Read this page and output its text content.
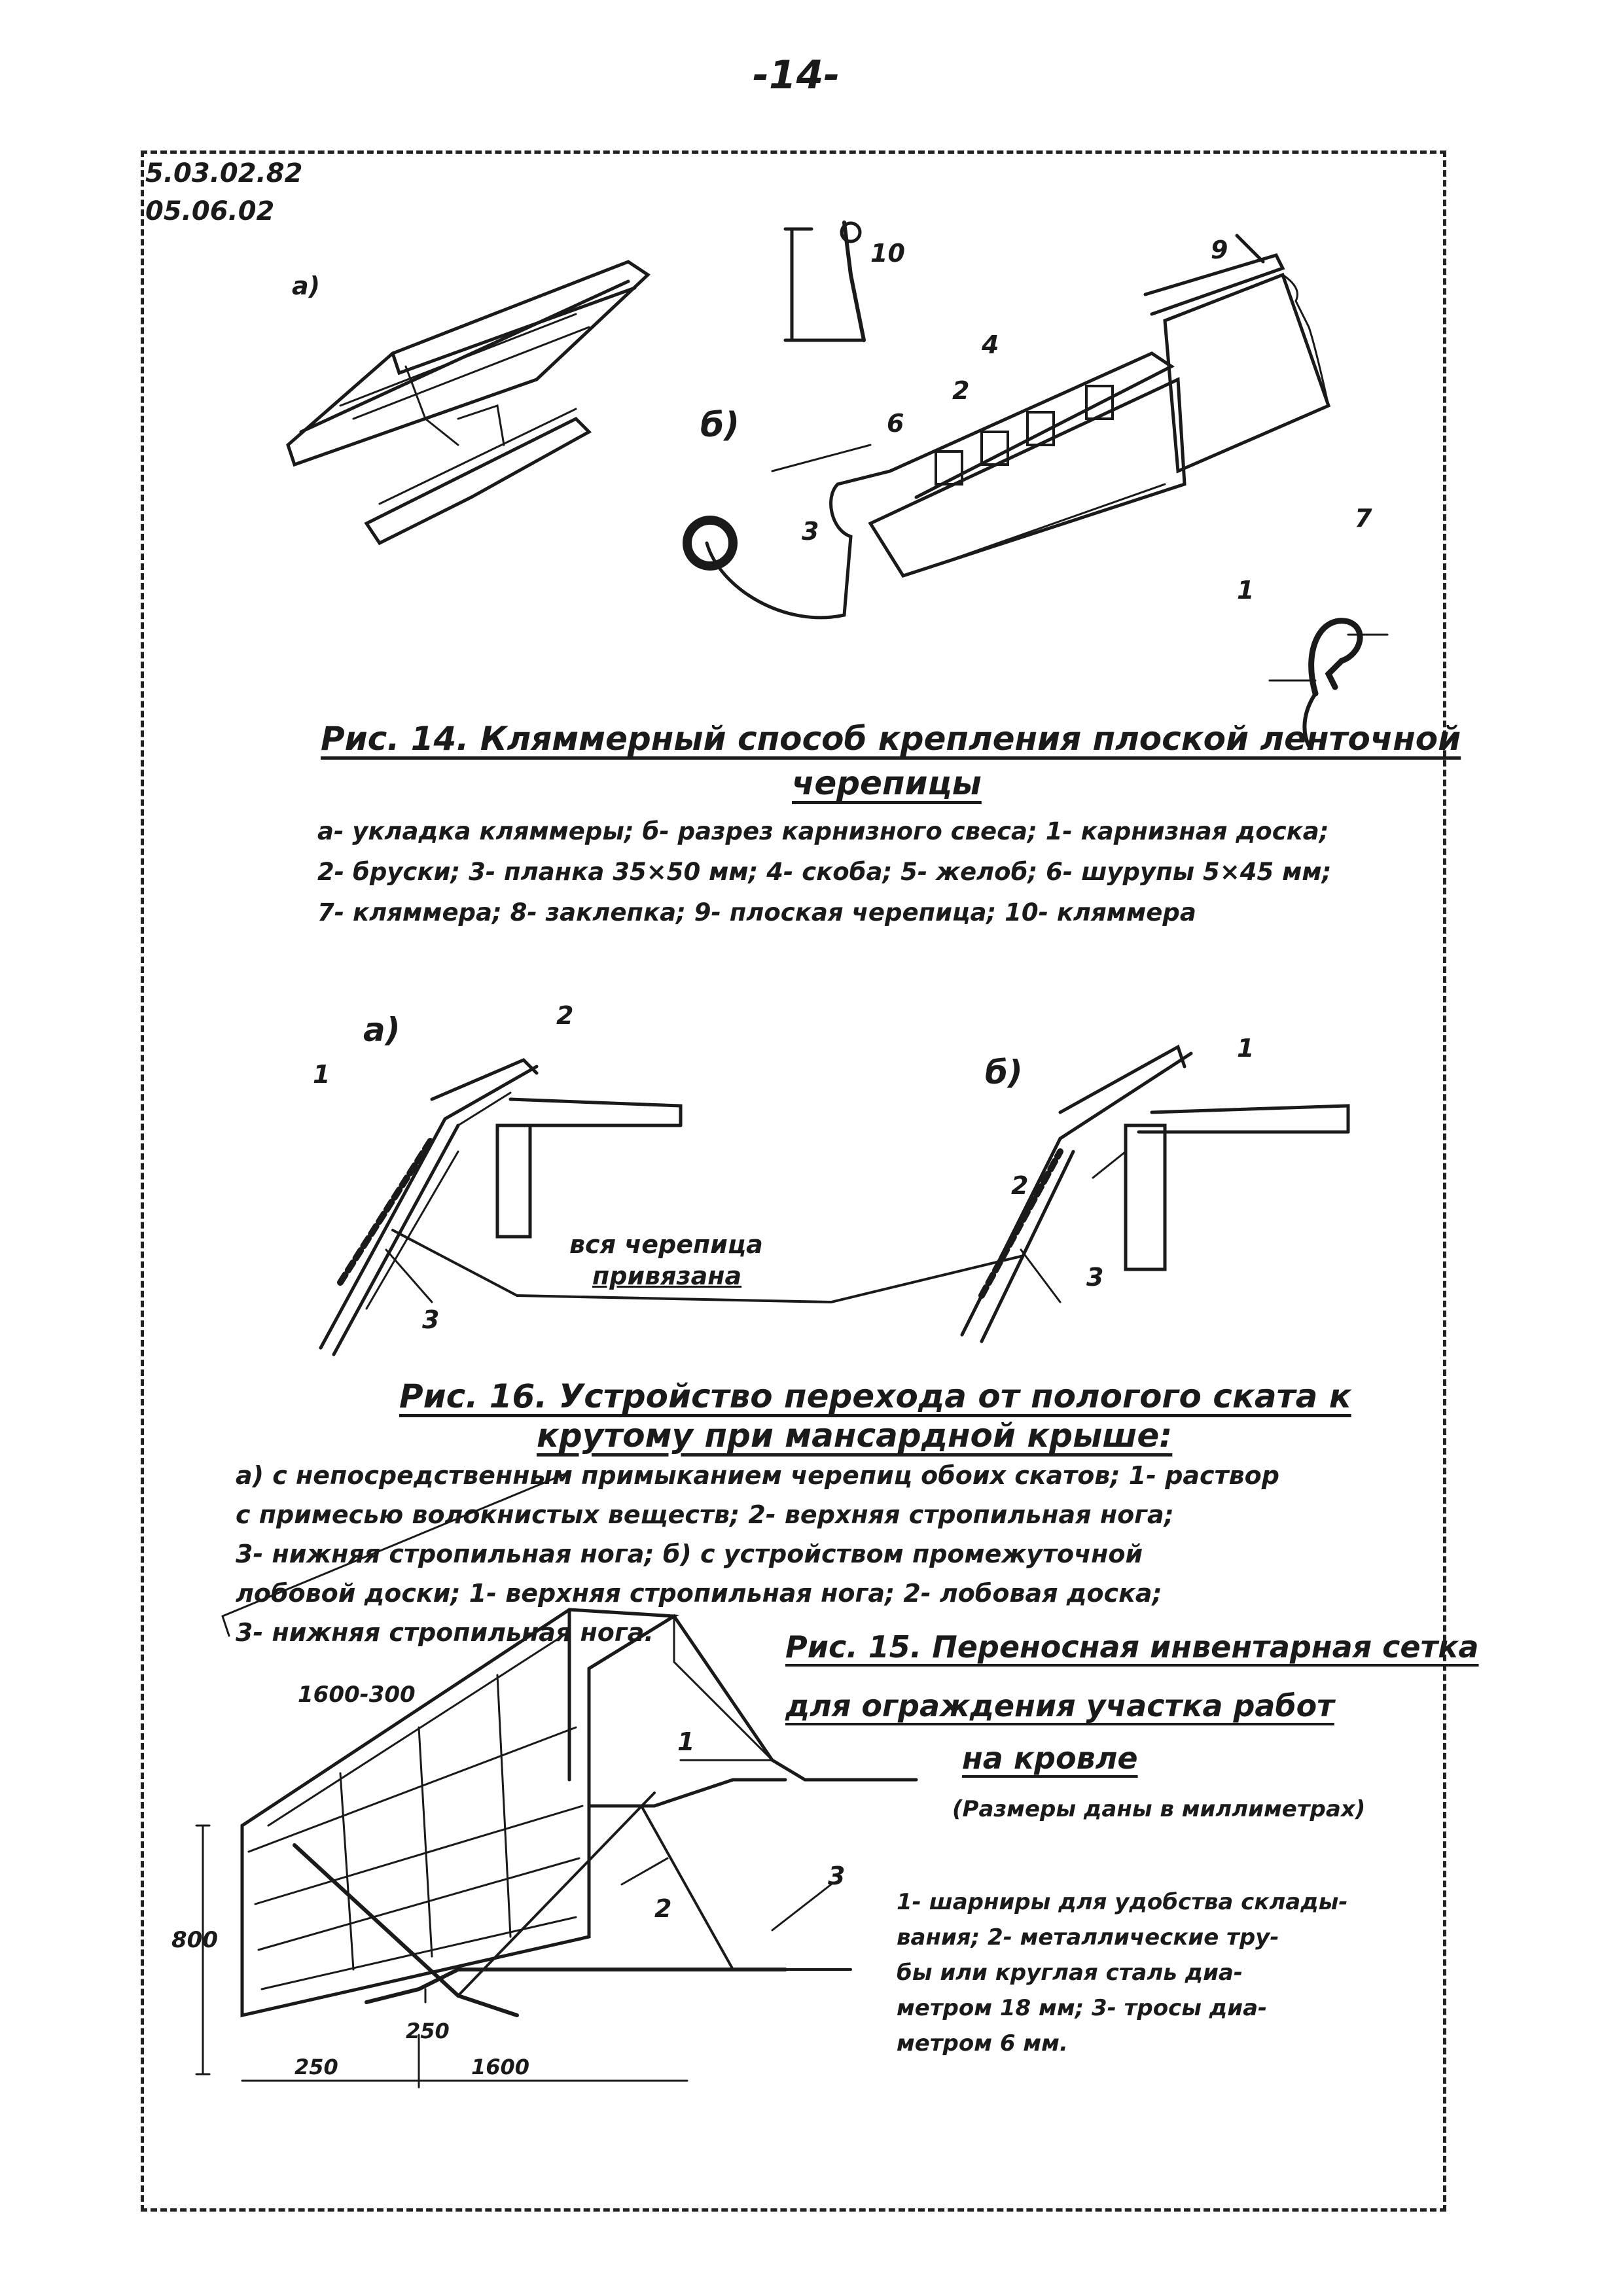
-14-
5.03.02.82
05.06.02
а)
б)
10	9
4
2
6
3	7
1
Рис. 14. Кляммерный способ крепления плоской ленточной
черепицы
а- укладка кляммеры; б- разрез карнизного свеса; 1- карнизная доска;
2- бруски; 3- планка 35×50 мм; 4- скоба; 5- желоб; 6- шурупы 5×45 мм;
7- кляммера; 8- заклепка; 9- плоская черепица; 10- кляммера
а)
б)
1
2
3
1
2
3
вся черепица
привязана
Рис. 16. Устройство перехода от пологого ската к
крутому при мансардной крыше:
а) с непосредственным примыканием черепиц обоих скатов; 1- раствор
с примесью волокнистых веществ; 2- верхняя стропильная нога;
3- нижняя стропильная нога; б) с устройством промежуточной
лобовой доски; 1- верхняя стропильная нога; 2- лобовая доска;
3- нижняя стропильная нога.	Рис. 15. Переносная инвентарная сетка
для ограждения участка работ
на кровле
(Размеры даны в миллиметрах)
1- шарниры для удобства склады-
вания; 2- металлические тру-
бы или круглая сталь диа-
метром 18 мм; 3- тросы диа-
метром 6 мм.
1600-300
800
250
250	1600
1
2
3
